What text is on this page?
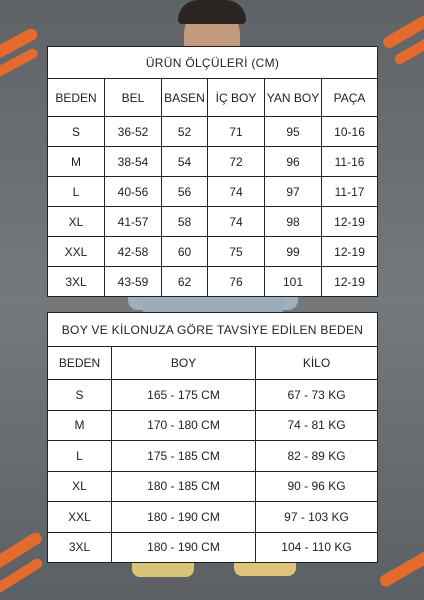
ÜRÜN ÖLÇÜLERİ (CM)					
BEDEN	BEL	BASEN	İÇ BOY	YAN BOY	PAÇA
S	36-52	52	71	95	10-16
M	38-54	54	72	96	11-16
L	40-56	56	74	97	11-17
XL	41-57	58	74	98	12-19
XXL	42-58	60	75	99	12-19
3XL	43-59	62	76	101	12-19
BOY VE KİLONUZA GÖRE TAVSİYE EDİLEN BEDEN		
BEDEN	BOY	KİLO
S	165 - 175 CM	67 - 73 KG
M	170 - 180 CM	74 - 81 KG
L	175 - 185 CM	82 - 89 KG
XL	180 - 185 CM	90 - 96 KG
XXL	180 - 190 CM	97 - 103 KG
3XL	180 - 190 CM	104 - 110 KG
